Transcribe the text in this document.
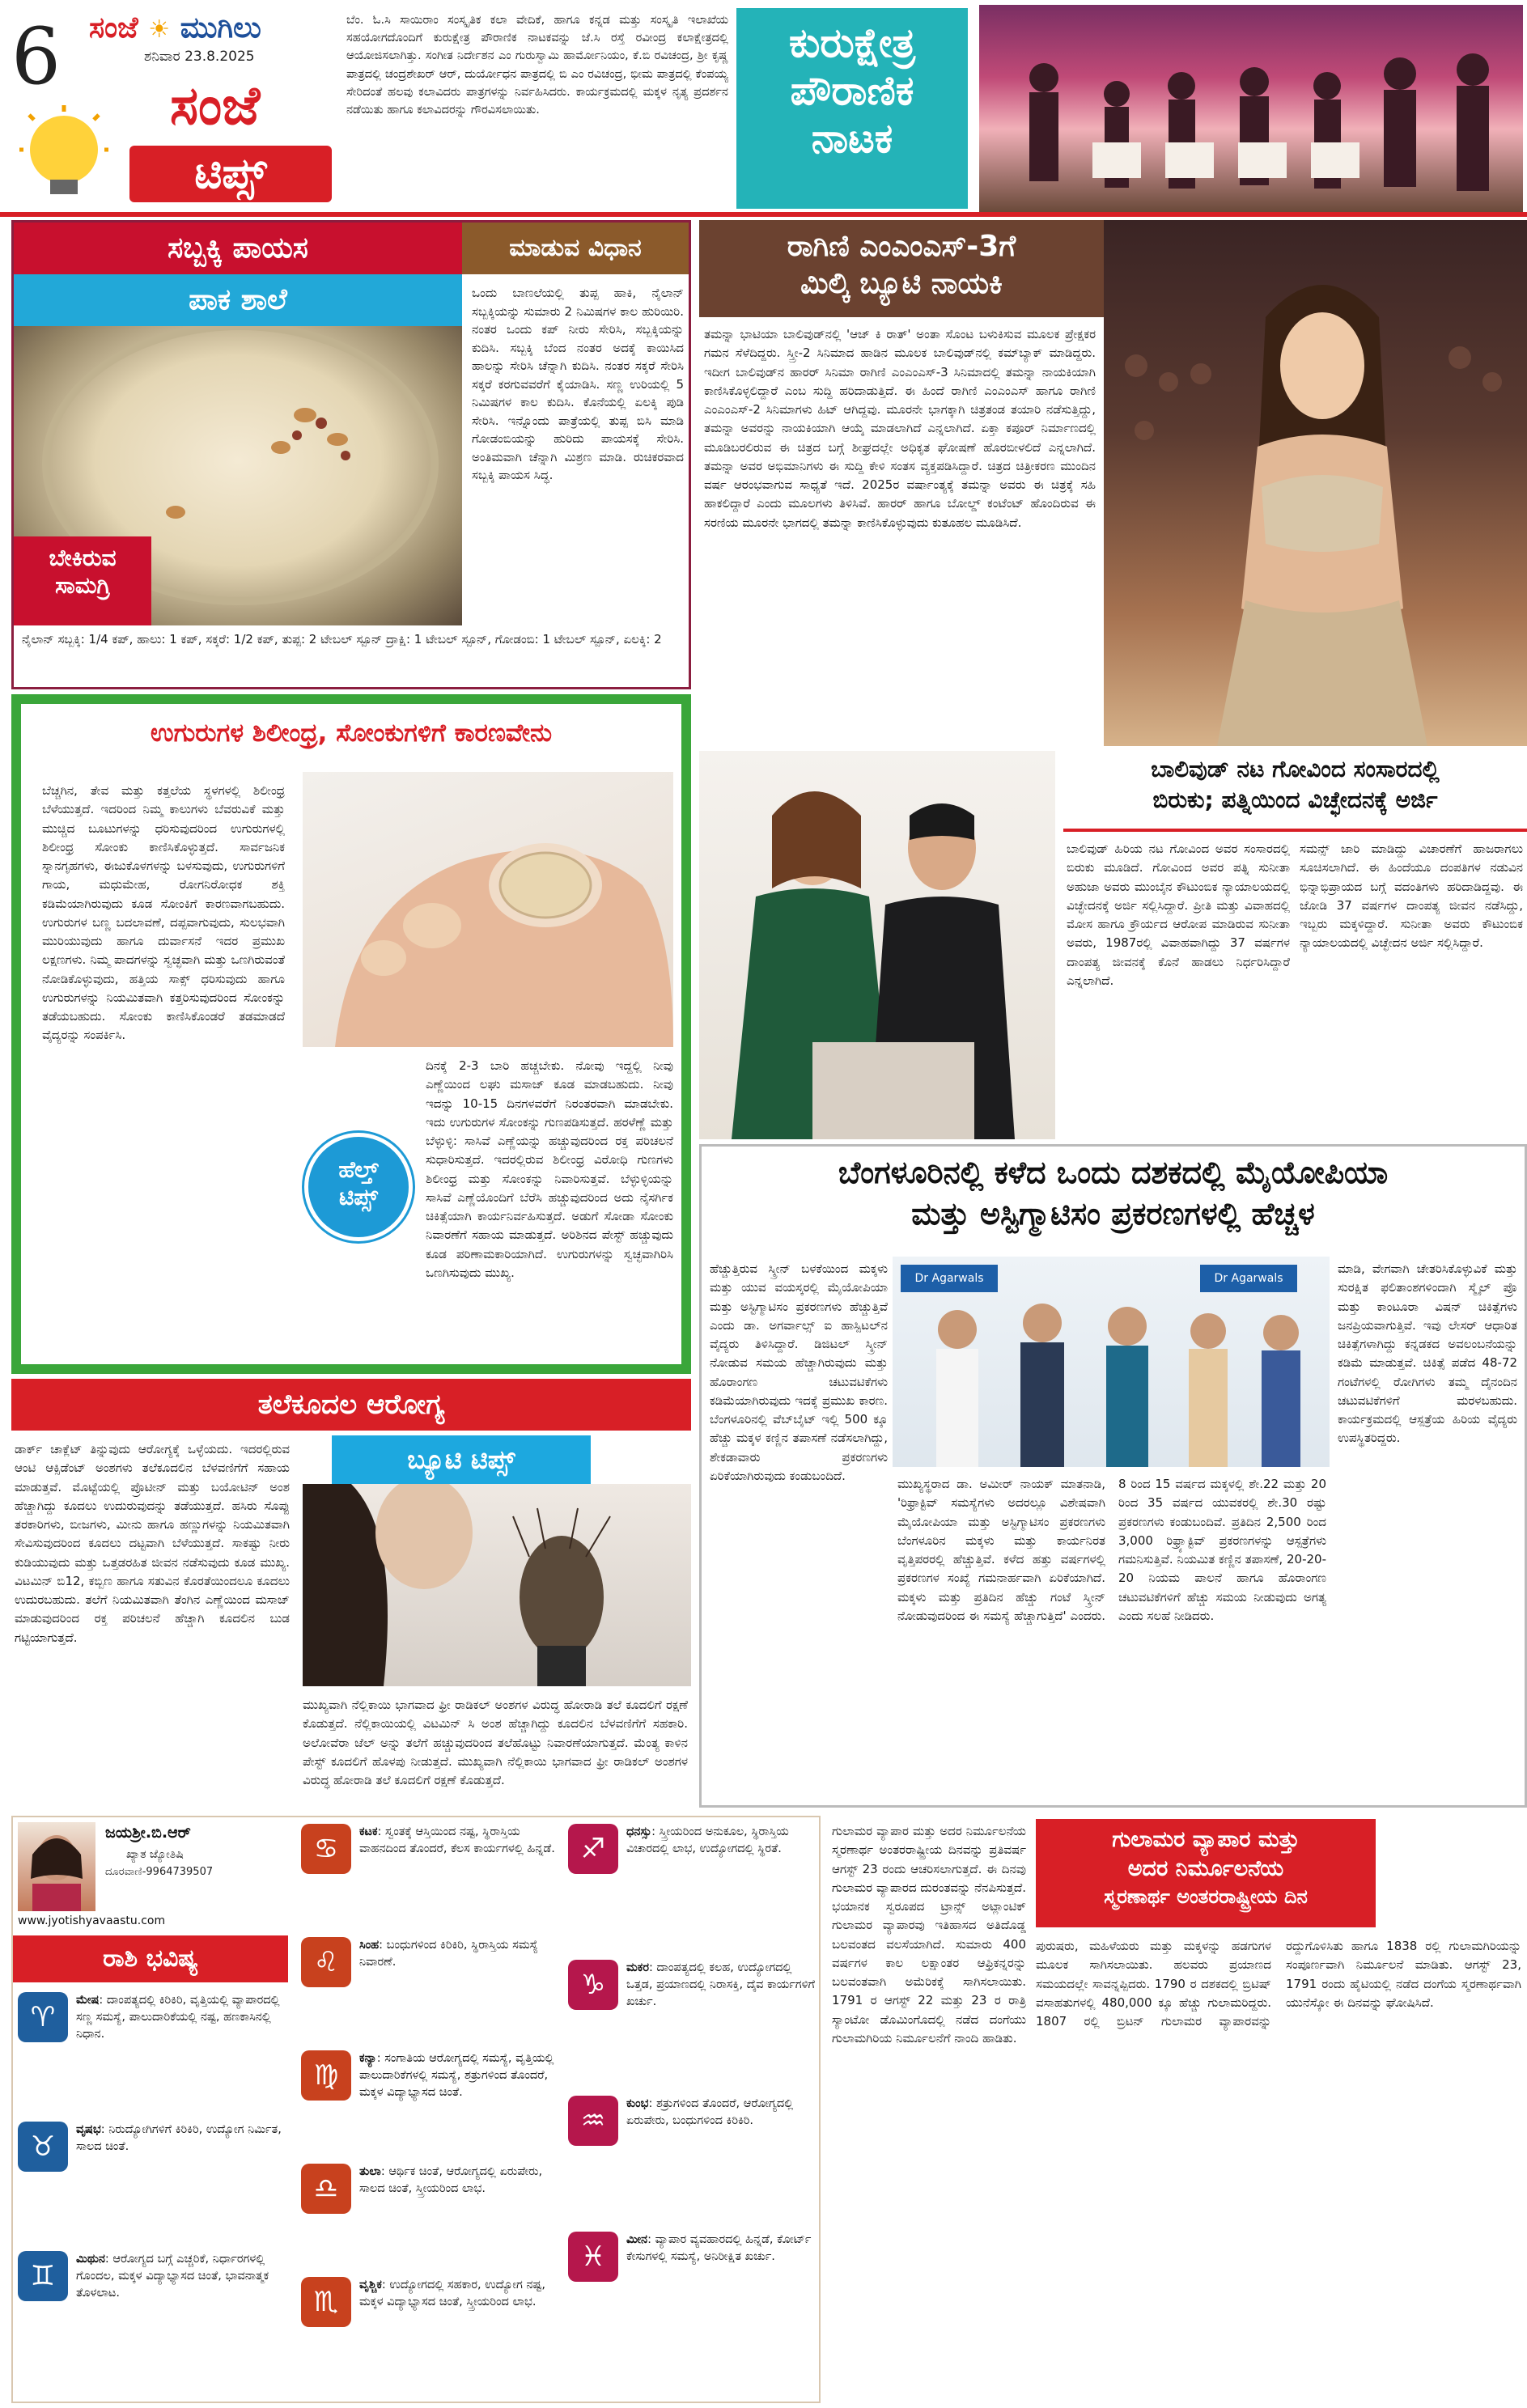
6 ಸಂಜೆ ☀ ಮುಗಿಲು
ಶನಿವಾರ 23.8.2025
ಸಂಜೆ
ಟಿಪ್ಸ್
ಬೆಂ. ಓ.ಸಿ ಸಾಯಿರಾಂ ಸಂಸ್ಕೃತಿಕ ಕಲಾ ವೇದಿಕೆ, ಹಾಗೂ ಕನ್ನಡ ಮತ್ತು ಸಂಸ್ಕೃತಿ ಇಲಾಖೆಯ ಸಹಯೋಗದೊಂದಿಗೆ ಕುರುಕ್ಷೇತ್ರ ಪೌರಾಣಿಕ ನಾಟಕವನ್ನು ಜೆ.ಸಿ ರಸ್ತೆ ರವೀಂದ್ರ ಕಲಾಕ್ಷೇತ್ರದಲ್ಲಿ ಆಯೋಜಿಸಲಾಗಿತ್ತು. ಸಂಗೀತ ನಿರ್ದೇಶನ ಎಂ ಗುರುಸ್ವಾಮಿ ಹಾರ್ಮೋನಿಯಂ, ಕೆ.ಬಿ ರವಿಚಂದ್ರ, ಶ್ರೀ ಕೃಷ್ಣ ಪಾತ್ರದಲ್ಲಿ ಚಂದ್ರಶೇಖರ್ ಆರ್, ದುರ್ಯೋಧನ ಪಾತ್ರದಲ್ಲಿ ಬಿ ಎಂ ರವಿಚಂದ್ರ, ಭೀಮ ಪಾತ್ರದಲ್ಲಿ ಕೆಂಪಯ್ಯ ಸೇರಿದಂತೆ ಹಲವು ಕಲಾವಿದರು ಪಾತ್ರಗಳನ್ನು ನಿರ್ವಹಿಸಿದರು. ಕಾರ್ಯಕ್ರಮದಲ್ಲಿ ಮಕ್ಕಳ ನೃತ್ಯ ಪ್ರದರ್ಶನ ನಡೆಯಿತು ಹಾಗೂ ಕಲಾವಿದರನ್ನು ಗೌರವಿಸಲಾಯಿತು.
ಕುರುಕ್ಷೇತ್ರ
ಪೌರಾಣಿಕ
ನಾಟಕ
ಸಬ್ಬಕ್ಕಿ ಪಾಯಸ	ಮಾಡುವ ವಿಧಾನ
ಪಾಕ ಶಾಲೆ
ಬೇಕಿರುವ
ಸಾಮಗ್ರಿ
ಒಂದು ಬಾಣಲೆಯಲ್ಲಿ ತುಪ್ಪ ಹಾಕಿ, ನೈಲಾನ್ ಸಬ್ಬಕ್ಕಿಯನ್ನು ಸುಮಾರು 2 ನಿಮಿಷಗಳ ಕಾಲ ಹುರಿಯಿರಿ. ನಂತರ ಒಂದು ಕಪ್ ನೀರು ಸೇರಿಸಿ, ಸಬ್ಬಕ್ಕಿಯನ್ನು ಕುದಿಸಿ. ಸಬ್ಬಕ್ಕಿ ಬೆಂದ ನಂತರ ಅದಕ್ಕೆ ಕಾಯಿಸಿದ ಹಾಲನ್ನು ಸೇರಿಸಿ ಚೆನ್ನಾಗಿ ಕುದಿಸಿ. ನಂತರ ಸಕ್ಕರೆ ಸೇರಿಸಿ ಸಕ್ಕರೆ ಕರಗುವವರೆಗೆ ಕೈಯಾಡಿಸಿ. ಸಣ್ಣ ಉರಿಯಲ್ಲಿ 5 ನಿಮಿಷಗಳ ಕಾಲ ಕುದಿಸಿ. ಕೊನೆಯಲ್ಲಿ ಏಲಕ್ಕಿ ಪುಡಿ ಸೇರಿಸಿ. ಇನ್ನೊಂದು ಪಾತ್ರೆಯಲ್ಲಿ ತುಪ್ಪ ಬಿಸಿ ಮಾಡಿ ಗೋಡಂಬಿಯನ್ನು ಹುರಿದು ಪಾಯಸಕ್ಕೆ ಸೇರಿಸಿ. ಅಂತಿಮವಾಗಿ ಚೆನ್ನಾಗಿ ಮಿಶ್ರಣ ಮಾಡಿ. ರುಚಿಕರವಾದ ಸಬ್ಬಕ್ಕಿ ಪಾಯಸ ಸಿದ್ಧ.
ನೈಲಾನ್ ಸಬ್ಬಕ್ಕಿ: 1/4 ಕಪ್, ಹಾಲು: 1 ಕಪ್, ಸಕ್ಕರೆ: 1/2 ಕಪ್, ತುಪ್ಪ: 2 ಟೇಬಲ್ ಸ್ಪೂನ್ ದ್ರಾಕ್ಷಿ: 1 ಟೇಬಲ್ ಸ್ಪೂನ್, ಗೋಡಂಬಿ: 1 ಟೇಬಲ್ ಸ್ಪೂನ್, ಏಲಕ್ಕಿ: 2
ರಾಗಿಣಿ ಎಂಎಂಎಸ್-3ಗೆ
ಮಿಲ್ಕಿ ಬ್ಯೂಟಿ ನಾಯಕಿ
ತಮನ್ನಾ ಭಾಟಿಯಾ ಬಾಲಿವುಡ್‌ನಲ್ಲಿ 'ಆಜ್ ಕಿ ರಾತ್' ಅಂತಾ ಸೊಂಟ ಬಳುಕಿಸುವ ಮೂಲಕ ಪ್ರೇಕ್ಷಕರ ಗಮನ ಸೆಳೆದಿದ್ದರು. ಸ್ತ್ರೀ-2 ಸಿನಿಮಾದ ಹಾಡಿನ ಮೂಲಕ ಬಾಲಿವುಡ್‌ನಲ್ಲಿ ಕಮ್‌ಬ್ಯಾಕ್ ಮಾಡಿದ್ದರು. ಇದೀಗ ಬಾಲಿವುಡ್‌ನ ಹಾರರ್ ಸಿನಿಮಾ ರಾಗಿಣಿ ಎಂಎಂಎಸ್-3 ಸಿನಿಮಾದಲ್ಲಿ ತಮನ್ನಾ ನಾಯಕಿಯಾಗಿ ಕಾಣಿಸಿಕೊಳ್ಳಲಿದ್ದಾರೆ ಎಂಬ ಸುದ್ದಿ ಹರಿದಾಡುತ್ತಿದೆ. ಈ ಹಿಂದೆ ರಾಗಿಣಿ ಎಂಎಂಎಸ್ ಹಾಗೂ ರಾಗಿಣಿ ಎಂಎಂಎಸ್-2 ಸಿನಿಮಾಗಳು ಹಿಟ್ ಆಗಿದ್ದವು. ಮೂರನೇ ಭಾಗಕ್ಕಾಗಿ ಚಿತ್ರತಂಡ ತಯಾರಿ ನಡೆಸುತ್ತಿದ್ದು, ತಮನ್ನಾ ಅವರನ್ನು ನಾಯಕಿಯಾಗಿ ಆಯ್ಕೆ ಮಾಡಲಾಗಿದೆ ಎನ್ನಲಾಗಿದೆ. ಏಕ್ತಾ ಕಪೂರ್ ನಿರ್ಮಾಣದಲ್ಲಿ ಮೂಡಿಬರಲಿರುವ ಈ ಚಿತ್ರದ ಬಗ್ಗೆ ಶೀಘ್ರದಲ್ಲೇ ಅಧಿಕೃತ ಘೋಷಣೆ ಹೊರಬೀಳಲಿದೆ ಎನ್ನಲಾಗಿದೆ. ತಮನ್ನಾ ಅವರ ಅಭಿಮಾನಿಗಳು ಈ ಸುದ್ದಿ ಕೇಳಿ ಸಂತಸ ವ್ಯಕ್ತಪಡಿಸಿದ್ದಾರೆ. ಚಿತ್ರದ ಚಿತ್ರೀಕರಣ ಮುಂದಿನ ವರ್ಷ ಆರಂಭವಾಗುವ ಸಾಧ್ಯತೆ ಇದೆ. 2025ರ ವರ್ಷಾಂತ್ಯಕ್ಕೆ ತಮನ್ನಾ ಅವರು ಈ ಚಿತ್ರಕ್ಕೆ ಸಹಿ ಹಾಕಲಿದ್ದಾರೆ ಎಂದು ಮೂಲಗಳು ತಿಳಿಸಿವೆ. ಹಾರರ್ ಹಾಗೂ ಬೋಲ್ಡ್ ಕಂಟೆಂಟ್ ಹೊಂದಿರುವ ಈ ಸರಣಿಯ ಮೂರನೇ ಭಾಗದಲ್ಲಿ ತಮನ್ನಾ ಕಾಣಿಸಿಕೊಳ್ಳುವುದು ಕುತೂಹಲ ಮೂಡಿಸಿದೆ.
ಉಗುರುಗಳ ಶಿಲೀಂಧ್ರ, ಸೋಂಕುಗಳಿಗೆ ಕಾರಣವೇನು
ಬೆಚ್ಚಗಿನ, ತೇವ ಮತ್ತು ಕತ್ತಲೆಯ ಸ್ಥಳಗಳಲ್ಲಿ ಶಿಲೀಂಧ್ರ ಬೆಳೆಯುತ್ತದೆ. ಇದರಿಂದ ನಿಮ್ಮ ಕಾಲುಗಳು ಬೆವರುವಿಕೆ ಮತ್ತು ಮುಚ್ಚಿದ ಬೂಟುಗಳನ್ನು ಧರಿಸುವುದರಿಂದ ಉಗುರುಗಳಲ್ಲಿ ಶಿಲೀಂಧ್ರ ಸೋಂಕು ಕಾಣಿಸಿಕೊಳ್ಳುತ್ತದೆ. ಸಾರ್ವಜನಿಕ ಸ್ನಾನಗೃಹಗಳು, ಈಜುಕೊಳಗಳನ್ನು ಬಳಸುವುದು, ಉಗುರುಗಳಿಗೆ ಗಾಯ, ಮಧುಮೇಹ, ರೋಗನಿರೋಧಕ ಶಕ್ತಿ ಕಡಿಮೆಯಾಗಿರುವುದು ಕೂಡ ಸೋಂಕಿಗೆ ಕಾರಣವಾಗಬಹುದು. ಉಗುರುಗಳ ಬಣ್ಣ ಬದಲಾವಣೆ, ದಪ್ಪವಾಗುವುದು, ಸುಲಭವಾಗಿ ಮುರಿಯುವುದು ಹಾಗೂ ದುರ್ವಾಸನೆ ಇದರ ಪ್ರಮುಖ ಲಕ್ಷಣಗಳು. ನಿಮ್ಮ ಪಾದಗಳನ್ನು ಸ್ವಚ್ಛವಾಗಿ ಮತ್ತು ಒಣಗಿರುವಂತೆ ನೋಡಿಕೊಳ್ಳುವುದು, ಹತ್ತಿಯ ಸಾಕ್ಸ್ ಧರಿಸುವುದು ಹಾಗೂ ಉಗುರುಗಳನ್ನು ನಿಯಮಿತವಾಗಿ ಕತ್ತರಿಸುವುದರಿಂದ ಸೋಂಕನ್ನು ತಡೆಯಬಹುದು. ಸೋಂಕು ಕಾಣಿಸಿಕೊಂಡರೆ ತಡಮಾಡದೆ ವೈದ್ಯರನ್ನು ಸಂಪರ್ಕಿಸಿ.
ಹೆಲ್ತ್
ಟಿಪ್ಸ್
ದಿನಕ್ಕೆ 2-3 ಬಾರಿ ಹಚ್ಚಬೇಕು. ನೋವು ಇದ್ದಲ್ಲಿ ನೀವು ಎಣ್ಣೆಯಿಂದ ಲಘು ಮಸಾಜ್ ಕೂಡ ಮಾಡಬಹುದು. ನೀವು ಇದನ್ನು 10-15 ದಿನಗಳವರೆಗೆ ನಿರಂತರವಾಗಿ ಮಾಡಬೇಕು. ಇದು ಉಗುರುಗಳ ಸೋಂಕನ್ನು ಗುಣಪಡಿಸುತ್ತದೆ. ಹರಳೆಣ್ಣೆ ಮತ್ತು ಬೆಳ್ಳುಳ್ಳಿ: ಸಾಸಿವೆ ಎಣ್ಣೆಯನ್ನು ಹಚ್ಚುವುದರಿಂದ ರಕ್ತ ಪರಿಚಲನೆ ಸುಧಾರಿಸುತ್ತದೆ. ಇದರಲ್ಲಿರುವ ಶಿಲೀಂಧ್ರ ವಿರೋಧಿ ಗುಣಗಳು ಶಿಲೀಂಧ್ರ ಮತ್ತು ಸೋಂಕನ್ನು ನಿವಾರಿಸುತ್ತವೆ. ಬೆಳ್ಳುಳ್ಳಿಯನ್ನು ಸಾಸಿವೆ ಎಣ್ಣೆಯೊಂದಿಗೆ ಬೆರೆಸಿ ಹಚ್ಚುವುದರಿಂದ ಅದು ನೈಸರ್ಗಿಕ ಚಿಕಿತ್ಸೆಯಾಗಿ ಕಾರ್ಯನಿರ್ವಹಿಸುತ್ತದೆ. ಅಡುಗೆ ಸೋಡಾ ಸೋಂಕು ನಿವಾರಣೆಗೆ ಸಹಾಯ ಮಾಡುತ್ತದೆ. ಅರಿಶಿನದ ಪೇಸ್ಟ್ ಹಚ್ಚುವುದು ಕೂಡ ಪರಿಣಾಮಕಾರಿಯಾಗಿದೆ. ಉಗುರುಗಳನ್ನು ಸ್ವಚ್ಛವಾಗಿರಿಸಿ ಒಣಗಿಸುವುದು ಮುಖ್ಯ.
ಬಾಲಿವುಡ್ ನಟ ಗೋವಿಂದ ಸಂಸಾರದಲ್ಲಿ
ಬಿರುಕು; ಪತ್ನಿಯಿಂದ ವಿಚ್ಛೇದನಕ್ಕೆ ಅರ್ಜಿ
ಬಾಲಿವುಡ್ ಹಿರಿಯ ನಟ ಗೋವಿಂದ ಅವರ ಸಂಸಾರದಲ್ಲಿ ಬಿರುಕು ಮೂಡಿದೆ. ಗೋವಿಂದ ಅವರ ಪತ್ನಿ ಸುನೀತಾ ಅಹುಜಾ ಅವರು ಮುಂಬೈನ ಕೌಟುಂಬಿಕ ನ್ಯಾಯಾಲಯದಲ್ಲಿ ವಿಚ್ಛೇದನಕ್ಕೆ ಅರ್ಜಿ ಸಲ್ಲಿಸಿದ್ದಾರೆ. ಪ್ರೀತಿ ಮತ್ತು ವಿವಾಹದಲ್ಲಿ ಮೋಸ ಹಾಗೂ ಕ್ರೌರ್ಯದ ಆರೋಪ ಮಾಡಿರುವ ಸುನೀತಾ ಅವರು, 1987ರಲ್ಲಿ ವಿವಾಹವಾಗಿದ್ದು 37 ವರ್ಷಗಳ ದಾಂಪತ್ಯ ಜೀವನಕ್ಕೆ ಕೊನೆ ಹಾಡಲು ನಿರ್ಧರಿಸಿದ್ದಾರೆ ಎನ್ನಲಾಗಿದೆ.
ಸಮನ್ಸ್ ಜಾರಿ ಮಾಡಿದ್ದು ವಿಚಾರಣೆಗೆ ಹಾಜರಾಗಲು ಸೂಚಿಸಲಾಗಿದೆ. ಈ ಹಿಂದೆಯೂ ದಂಪತಿಗಳ ನಡುವಿನ ಭಿನ್ನಾಭಿಪ್ರಾಯದ ಬಗ್ಗೆ ವದಂತಿಗಳು ಹರಿದಾಡಿದ್ದವು. ಈ ಜೋಡಿ 37 ವರ್ಷಗಳ ದಾಂಪತ್ಯ ಜೀವನ ನಡೆಸಿದ್ದು, ಇಬ್ಬರು ಮಕ್ಕಳಿದ್ದಾರೆ. ಸುನೀತಾ ಅವರು ಕೌಟುಂಬಿಕ ನ್ಯಾಯಾಲಯದಲ್ಲಿ ವಿಚ್ಛೇದನ ಅರ್ಜಿ ಸಲ್ಲಿಸಿದ್ದಾರೆ.
ಬೆಂಗಳೂರಿನಲ್ಲಿ ಕಳೆದ ಒಂದು ದಶಕದಲ್ಲಿ ಮೈಯೋಪಿಯಾ
ಮತ್ತು ಅಸ್ಟಿಗ್ಮಾಟಿಸಂ ಪ್ರಕರಣಗಳಲ್ಲಿ ಹೆಚ್ಚಳ
ಹೆಚ್ಚುತ್ತಿರುವ ಸ್ಕ್ರೀನ್ ಬಳಕೆಯಿಂದ ಮಕ್ಕಳು ಮತ್ತು ಯುವ ವಯಸ್ಕರಲ್ಲಿ ಮೈಯೋಪಿಯಾ ಮತ್ತು ಅಸ್ಟಿಗ್ಮಾಟಿಸಂ ಪ್ರಕರಣಗಳು ಹೆಚ್ಚುತ್ತಿವೆ ಎಂದು ಡಾ. ಅಗರ್ವಾಲ್ಸ್ ಐ ಹಾಸ್ಪಿಟಲ್‌ನ ವೈದ್ಯರು ತಿಳಿಸಿದ್ದಾರೆ. ಡಿಜಿಟಲ್ ಸ್ಕ್ರೀನ್ ನೋಡುವ ಸಮಯ ಹೆಚ್ಚಾಗಿರುವುದು ಮತ್ತು ಹೊರಾಂಗಣ ಚಟುವಟಿಕೆಗಳು ಕಡಿಮೆಯಾಗಿರುವುದು ಇದಕ್ಕೆ ಪ್ರಮುಖ ಕಾರಣ. ಬೆಂಗಳೂರಿನಲ್ಲಿ ವೆಬ್‌ಬೈಟ್ ಇಲ್ಲಿ 500 ಕ್ಕೂ ಹೆಚ್ಚು ಮಕ್ಕಳ ಕಣ್ಣಿನ ತಪಾಸಣೆ ನಡೆಸಲಾಗಿದ್ದು, ಶೇಕಡಾವಾರು ಪ್ರಕರಣಗಳು ಏರಿಕೆಯಾಗಿರುವುದು ಕಂಡುಬಂದಿದೆ.
Dr Agarwals	Dr Agarwals
ಮುಖ್ಯಸ್ಥರಾದ ಡಾ. ಅಮೀರ್ ನಾಯಕ್ ಮಾತನಾಡಿ, 'ರಿಫ್ರಾಕ್ಟಿವ್ ಸಮಸ್ಯೆಗಳು ಅದರಲ್ಲೂ ವಿಶೇಷವಾಗಿ ಮೈಯೋಪಿಯಾ ಮತ್ತು ಅಸ್ಟಿಗ್ಮಾಟಿಸಂ ಪ್ರಕರಣಗಳು ಬೆಂಗಳೂರಿನ ಮಕ್ಕಳು ಮತ್ತು ಕಾರ್ಯನಿರತ ವೃತ್ತಿಪರರಲ್ಲಿ ಹೆಚ್ಚುತ್ತಿವೆ. ಕಳೆದ ಹತ್ತು ವರ್ಷಗಳಲ್ಲಿ ಪ್ರಕರಣಗಳ ಸಂಖ್ಯೆ ಗಮನಾರ್ಹವಾಗಿ ಏರಿಕೆಯಾಗಿದೆ. ಮಕ್ಕಳು ಮತ್ತು ಪ್ರತಿದಿನ ಹೆಚ್ಚು ಗಂಟೆ ಸ್ಕ್ರೀನ್ ನೋಡುವುದರಿಂದ ಈ ಸಮಸ್ಯೆ ಹೆಚ್ಚಾಗುತ್ತಿದೆ' ಎಂದರು. 8 ರಿಂದ 15 ವರ್ಷದ ಮಕ್ಕಳಲ್ಲಿ ಶೇ.22 ಮತ್ತು 20 ರಿಂದ 35 ವರ್ಷದ ಯುವಕರಲ್ಲಿ ಶೇ.30 ರಷ್ಟು ಪ್ರಕರಣಗಳು ಕಂಡುಬಂದಿವೆ. ಪ್ರತಿದಿನ 2,500 ರಿಂದ 3,000 ರಿಫ್ರ್ಯಾಕ್ಟಿವ್ ಪ್ರಕರಣಗಳನ್ನು ಆಸ್ಪತ್ರೆಗಳು ಗಮನಿಸುತ್ತಿವೆ. ನಿಯಮಿತ ಕಣ್ಣಿನ ತಪಾಸಣೆ, 20-20-20 ನಿಯಮ ಪಾಲನೆ ಹಾಗೂ ಹೊರಾಂಗಣ ಚಟುವಟಿಕೆಗಳಿಗೆ ಹೆಚ್ಚು ಸಮಯ ನೀಡುವುದು ಅಗತ್ಯ ಎಂದು ಸಲಹೆ ನೀಡಿದರು.
ಮಾಡಿ, ವೇಗವಾಗಿ ಚೇತರಿಸಿಕೊಳ್ಳುವಿಕೆ ಮತ್ತು ಸುರಕ್ಷಿತ ಫಲಿತಾಂಶಗಳಿಂದಾಗಿ ಸ್ಮೈಲ್ ಪ್ರೊ ಮತ್ತು ಕಾಂಟೂರಾ ವಿಷನ್ ಚಿಕಿತ್ಸೆಗಳು ಜನಪ್ರಿಯವಾಗುತ್ತಿವೆ. ಇವು ಲೇಸರ್ ಆಧಾರಿತ ಚಿಕಿತ್ಸೆಗಳಾಗಿದ್ದು ಕನ್ನಡಕದ ಅವಲಂಬನೆಯನ್ನು ಕಡಿಮೆ ಮಾಡುತ್ತವೆ. ಚಿಕಿತ್ಸೆ ಪಡೆದ 48-72 ಗಂಟೆಗಳಲ್ಲಿ ರೋಗಿಗಳು ತಮ್ಮ ದೈನಂದಿನ ಚಟುವಟಿಕೆಗಳಿಗೆ ಮರಳಬಹುದು. ಕಾರ್ಯಕ್ರಮದಲ್ಲಿ ಆಸ್ಪತ್ರೆಯ ಹಿರಿಯ ವೈದ್ಯರು ಉಪಸ್ಥಿತರಿದ್ದರು.
ತಲೆಕೂದಲ ಆರೋಗ್ಯ
ಡಾರ್ಕ್ ಚಾಕ್ಲೆಟ್ ತಿನ್ನುವುದು ಆರೋಗ್ಯಕ್ಕೆ ಒಳ್ಳೆಯದು. ಇದರಲ್ಲಿರುವ ಆಂಟಿ ಆಕ್ಸಿಡೆಂಟ್ ಅಂಶಗಳು ತಲೆಕೂದಲಿನ ಬೆಳವಣಿಗೆಗೆ ಸಹಾಯ ಮಾಡುತ್ತವೆ. ಮೊಟ್ಟೆಯಲ್ಲಿ ಪ್ರೊಟೀನ್ ಮತ್ತು ಬಯೋಟಿನ್ ಅಂಶ ಹೆಚ್ಚಾಗಿದ್ದು ಕೂದಲು ಉದುರುವುದನ್ನು ತಡೆಯುತ್ತದೆ. ಹಸಿರು ಸೊಪ್ಪು ತರಕಾರಿಗಳು, ಬೀಜಗಳು, ಮೀನು ಹಾಗೂ ಹಣ್ಣುಗಳನ್ನು ನಿಯಮಿತವಾಗಿ ಸೇವಿಸುವುದರಿಂದ ಕೂದಲು ದಟ್ಟವಾಗಿ ಬೆಳೆಯುತ್ತದೆ. ಸಾಕಷ್ಟು ನೀರು ಕುಡಿಯುವುದು ಮತ್ತು ಒತ್ತಡರಹಿತ ಜೀವನ ನಡೆಸುವುದು ಕೂಡ ಮುಖ್ಯ. ವಿಟಮಿನ್ ಬಿ12, ಕಬ್ಬಿಣ ಹಾಗೂ ಸತುವಿನ ಕೊರತೆಯಿಂದಲೂ ಕೂದಲು ಉದುರಬಹುದು. ತಲೆಗೆ ನಿಯಮಿತವಾಗಿ ತೆಂಗಿನ ಎಣ್ಣೆಯಿಂದ ಮಸಾಜ್ ಮಾಡುವುದರಿಂದ ರಕ್ತ ಪರಿಚಲನೆ ಹೆಚ್ಚಾಗಿ ಕೂದಲಿನ ಬುಡ ಗಟ್ಟಿಯಾಗುತ್ತದೆ.
ಬ್ಯೂಟಿ ಟಿಪ್ಸ್
ಮುಖ್ಯವಾಗಿ ನೆಲ್ಲಿಕಾಯಿ ಭಾಗವಾದ ಫ್ರೀ ರಾಡಿಕಲ್ ಅಂಶಗಳ ವಿರುದ್ಧ ಹೋರಾಡಿ ತಲೆ ಕೂದಲಿಗೆ ರಕ್ಷಣೆ ಕೊಡುತ್ತದೆ. ನೆಲ್ಲಿಕಾಯಿಯಲ್ಲಿ ವಿಟಮಿನ್ ಸಿ ಅಂಶ ಹೆಚ್ಚಾಗಿದ್ದು ಕೂದಲಿನ ಬೆಳವಣಿಗೆಗೆ ಸಹಕಾರಿ. ಅಲೋವೆರಾ ಜೆಲ್ ಅನ್ನು ತಲೆಗೆ ಹಚ್ಚುವುದರಿಂದ ತಲೆಹೊಟ್ಟು ನಿವಾರಣೆಯಾಗುತ್ತದೆ. ಮೆಂತ್ಯ ಕಾಳಿನ ಪೇಸ್ಟ್ ಕೂದಲಿಗೆ ಹೊಳಪು ನೀಡುತ್ತದೆ. ಮುಖ್ಯವಾಗಿ ನೆಲ್ಲಿಕಾಯಿ ಭಾಗವಾದ ಫ್ರೀ ರಾಡಿಕಲ್ ಅಂಶಗಳ ವಿರುದ್ಧ ಹೋರಾಡಿ ತಲೆ ಕೂದಲಿಗೆ ರಕ್ಷಣೆ ಕೊಡುತ್ತದೆ.
ಜಯಶ್ರೀ.ಬಿ.ಆರ್
ಖ್ಯಾತ ಜ್ಯೋತಿಷಿ
ದೂರವಾಣಿ-9964739507
www.jyotishyavaastu.com
ರಾಶಿ ಭವಿಷ್ಯ
♈
ಮೇಷ: ದಾಂಪತ್ಯದಲ್ಲಿ ಕಿರಿಕಿರಿ, ವೃತ್ತಿಯಲ್ಲಿ ವ್ಯಾಪಾರದಲ್ಲಿ ಸಣ್ಣ ಸಮಸ್ಯೆ, ಪಾಲುದಾರಿಕೆಯಲ್ಲಿ ನಷ್ಟ, ಹಣಕಾಸಿನಲ್ಲಿ ನಿಧಾನ.
♉
ವೃಷಭ: ನಿರುದ್ಯೋಗಿಗಳಿಗೆ ಕಿರಿಕಿರಿ, ಉದ್ಯೋಗ ನಿರ್ಮಿತ, ಸಾಲದ ಚಿಂತೆ.
♊
ಮಿಥುನ: ಆರೋಗ್ಯದ ಬಗ್ಗೆ ಎಚ್ಚರಿಕೆ, ನಿರ್ಧಾರಗಳಲ್ಲಿ ಗೊಂದಲ, ಮಕ್ಕಳ ವಿದ್ಯಾಭ್ಯಾಸದ ಚಿಂತೆ, ಭಾವನಾತ್ಮಕ ತೊಳಲಾಟ.
♋
ಕಟಕ: ಸ್ವಂತಕ್ಕೆ ಆಸ್ತಿಯಿಂದ ನಷ್ಟ, ಸ್ಥಿರಾಸ್ತಿಯ ವಾಹನದಿಂದ ತೊಂದರೆ, ಕೆಲಸ ಕಾರ್ಯಗಳಲ್ಲಿ ಹಿನ್ನಡೆ.
♌
ಸಿಂಹ: ಬಂಧುಗಳಿಂದ ಕಿರಿಕಿರಿ, ಸ್ಥಿರಾಸ್ತಿಯ ಸಮಸ್ಯೆ ನಿವಾರಣೆ.
♍
ಕನ್ಯಾ: ಸಂಗಾತಿಯ ಆರೋಗ್ಯದಲ್ಲಿ ಸಮಸ್ಯೆ, ವೃತ್ತಿಯಲ್ಲಿ ಪಾಲುದಾರಿಕೆಗಳಲ್ಲಿ ಸಮಸ್ಯೆ, ಶತ್ರುಗಳಿಂದ ತೊಂದರೆ, ಮಕ್ಕಳ ವಿದ್ಯಾಭ್ಯಾಸದ ಚಿಂತೆ.
♎
ತುಲಾ: ಆರ್ಥಿಕ ಚಿಂತೆ, ಆರೋಗ್ಯದಲ್ಲಿ ಏರುಪೇರು, ಸಾಲದ ಚಿಂತೆ, ಸ್ತ್ರೀಯರಿಂದ ಲಾಭ.
♏
ವೃಶ್ಚಿಕ: ಉದ್ಯೋಗದಲ್ಲಿ ಸಹಕಾರ, ಉದ್ಯೋಗ ನಷ್ಟ, ಮಕ್ಕಳ ವಿದ್ಯಾಭ್ಯಾಸದ ಚಿಂತೆ, ಸ್ತ್ರೀಯರಿಂದ ಲಾಭ.
♐
ಧನಸ್ಸು: ಸ್ತ್ರೀಯರಿಂದ ಅನುಕೂಲ, ಸ್ಥಿರಾಸ್ತಿಯ ವಿಚಾರದಲ್ಲಿ ಲಾಭ, ಉದ್ಯೋಗದಲ್ಲಿ ಸ್ಥಿರತೆ.
♑
ಮಕರ: ದಾಂಪತ್ಯದಲ್ಲಿ ಕಲಹ, ಉದ್ಯೋಗದಲ್ಲಿ ಒತ್ತಡ, ಪ್ರಯಾಣದಲ್ಲಿ ನಿರಾಸಕ್ತಿ, ದೈವ ಕಾರ್ಯಗಳಿಗೆ ಖರ್ಚು.
♒
ಕುಂಭ: ಶತ್ರುಗಳಿಂದ ತೊಂದರೆ, ಆರೋಗ್ಯದಲ್ಲಿ ಏರುಪೇರು, ಬಂಧುಗಳಿಂದ ಕಿರಿಕಿರಿ.
♓
ಮೀನ: ವ್ಯಾಪಾರ ವ್ಯವಹಾರದಲ್ಲಿ ಹಿನ್ನಡೆ, ಕೋರ್ಟ್ ಕೇಸುಗಳಲ್ಲಿ ಸಮಸ್ಯೆ, ಅನಿರೀಕ್ಷಿತ ಖರ್ಚು.
ಗುಲಾಮರ ವ್ಯಾಪಾರ ಮತ್ತು ಅದರ ನಿರ್ಮೂಲನೆಯ ಸ್ಮರಣಾರ್ಥ ಅಂತರರಾಷ್ಟ್ರೀಯ ದಿನವನ್ನು ಪ್ರತಿವರ್ಷ ಆಗಸ್ಟ್ 23 ರಂದು ಆಚರಿಸಲಾಗುತ್ತದೆ. ಈ ದಿನವು ಗುಲಾಮರ ವ್ಯಾಪಾರದ ದುರಂತವನ್ನು ನೆನಪಿಸುತ್ತದೆ. ಭಯಾನಕ ಸ್ವರೂಪದ ಟ್ರಾನ್ಸ್ ಅಟ್ಲಾಂಟಿಕ್ ಗುಲಾಮರ ವ್ಯಾಪಾರವು ಇತಿಹಾಸದ ಅತಿದೊಡ್ಡ ಬಲವಂತದ ವಲಸೆಯಾಗಿದೆ. ಸುಮಾರು 400 ವರ್ಷಗಳ ಕಾಲ ಲಕ್ಷಾಂತರ ಆಫ್ರಿಕನ್ನರನ್ನು ಬಲವಂತವಾಗಿ ಅಮೆರಿಕಕ್ಕೆ ಸಾಗಿಸಲಾಯಿತು. 1791 ರ ಆಗಸ್ಟ್ 22 ಮತ್ತು 23 ರ ರಾತ್ರಿ ಸ್ಯಾಂಟೋ ಡೊಮಿಂಗೊದಲ್ಲಿ ನಡೆದ ದಂಗೆಯು ಗುಲಾಮಗಿರಿಯ ನಿರ್ಮೂಲನೆಗೆ ನಾಂದಿ ಹಾಡಿತು.
ಗುಲಾಮರ ವ್ಯಾಪಾರ ಮತ್ತು
ಅದರ ನಿರ್ಮೂಲನೆಯ
ಸ್ಮರಣಾರ್ಥ ಅಂತರರಾಷ್ಟ್ರೀಯ ದಿನ
ಪುರುಷರು, ಮಹಿಳೆಯರು ಮತ್ತು ಮಕ್ಕಳನ್ನು ಹಡಗುಗಳ ಮೂಲಕ ಸಾಗಿಸಲಾಯಿತು. ಹಲವರು ಪ್ರಯಾಣದ ಸಮಯದಲ್ಲೇ ಸಾವನ್ನಪ್ಪಿದರು. 1790 ರ ದಶಕದಲ್ಲಿ ಬ್ರಿಟಿಷ್ ವಸಾಹತುಗಳಲ್ಲಿ 480,000 ಕ್ಕೂ ಹೆಚ್ಚು ಗುಲಾಮರಿದ್ದರು. 1807 ರಲ್ಲಿ ಬ್ರಿಟನ್ ಗುಲಾಮರ ವ್ಯಾಪಾರವನ್ನು ರದ್ದುಗೊಳಿಸಿತು ಹಾಗೂ 1838 ರಲ್ಲಿ ಗುಲಾಮಗಿರಿಯನ್ನು ಸಂಪೂರ್ಣವಾಗಿ ನಿರ್ಮೂಲನೆ ಮಾಡಿತು. ಆಗಸ್ಟ್ 23, 1791 ರಂದು ಹೈಟಿಯಲ್ಲಿ ನಡೆದ ದಂಗೆಯ ಸ್ಮರಣಾರ್ಥವಾಗಿ ಯುನೆಸ್ಕೋ ಈ ದಿನವನ್ನು ಘೋಷಿಸಿದೆ.
